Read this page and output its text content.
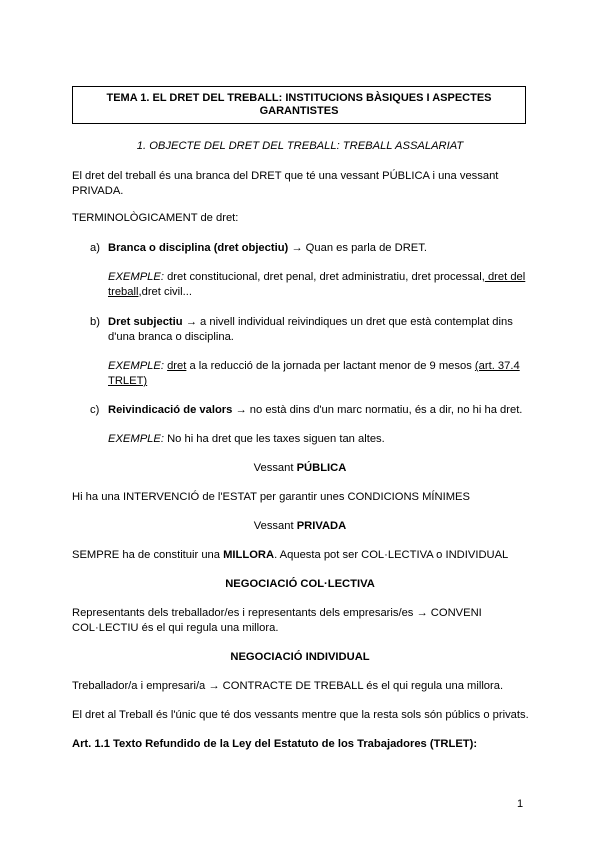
TEMA 1. EL DRET DEL TREBALL: INSTITUCIONS BÀSIQUES I ASPECTES GARANTISTES
1. OBJECTE DEL DRET DEL TREBALL: TREBALL ASSALARIAT
El dret del treball és una branca del DRET que té una vessant PÚBLICA i una vessant
PRIVADA.
TERMINOLÒGICAMENT de dret:
a) Branca o disciplina (dret objectiu) → Quan es parla de DRET.
EXEMPLE: dret constitucional, dret penal, dret administratiu, dret processal, dret del
treball,dret civil...
b) Dret subjectiu → a nivell individual reivindiques un dret que està contemplat dins
d'una branca o disciplina.
EXEMPLE: dret a la reducció de la jornada per lactant menor de 9 mesos (art. 37.4
TRLET)
c) Reivindicació de valors → no està dins d'un marc normatiu, és a dir, no hi ha dret.
EXEMPLE: No hi ha dret que les taxes siguen tan altes.
Vessant PÚBLICA
Hi ha una INTERVENCIÓ de l'ESTAT per garantir unes CONDICIONS MÍNIMES
Vessant PRIVADA
SEMPRE ha de constituir una MILLORA. Aquesta pot ser COL·LECTIVA o INDIVIDUAL
NEGOCIACIÓ COL·LECTIVA
Representants dels treballador/es i representants dels empresaris/es → CONVENI
COL·LECTIU és el qui regula una millora.
NEGOCIACIÓ INDIVIDUAL
Treballador/a i empresari/a → CONTRACTE DE TREBALL és el qui regula una millora.
El dret al Treball és l'únic que té dos vessants mentre que la resta sols són públics o privats.
Art. 1.1 Texto Refundido de la Ley del Estatuto de los Trabajadores (TRLET):
1
